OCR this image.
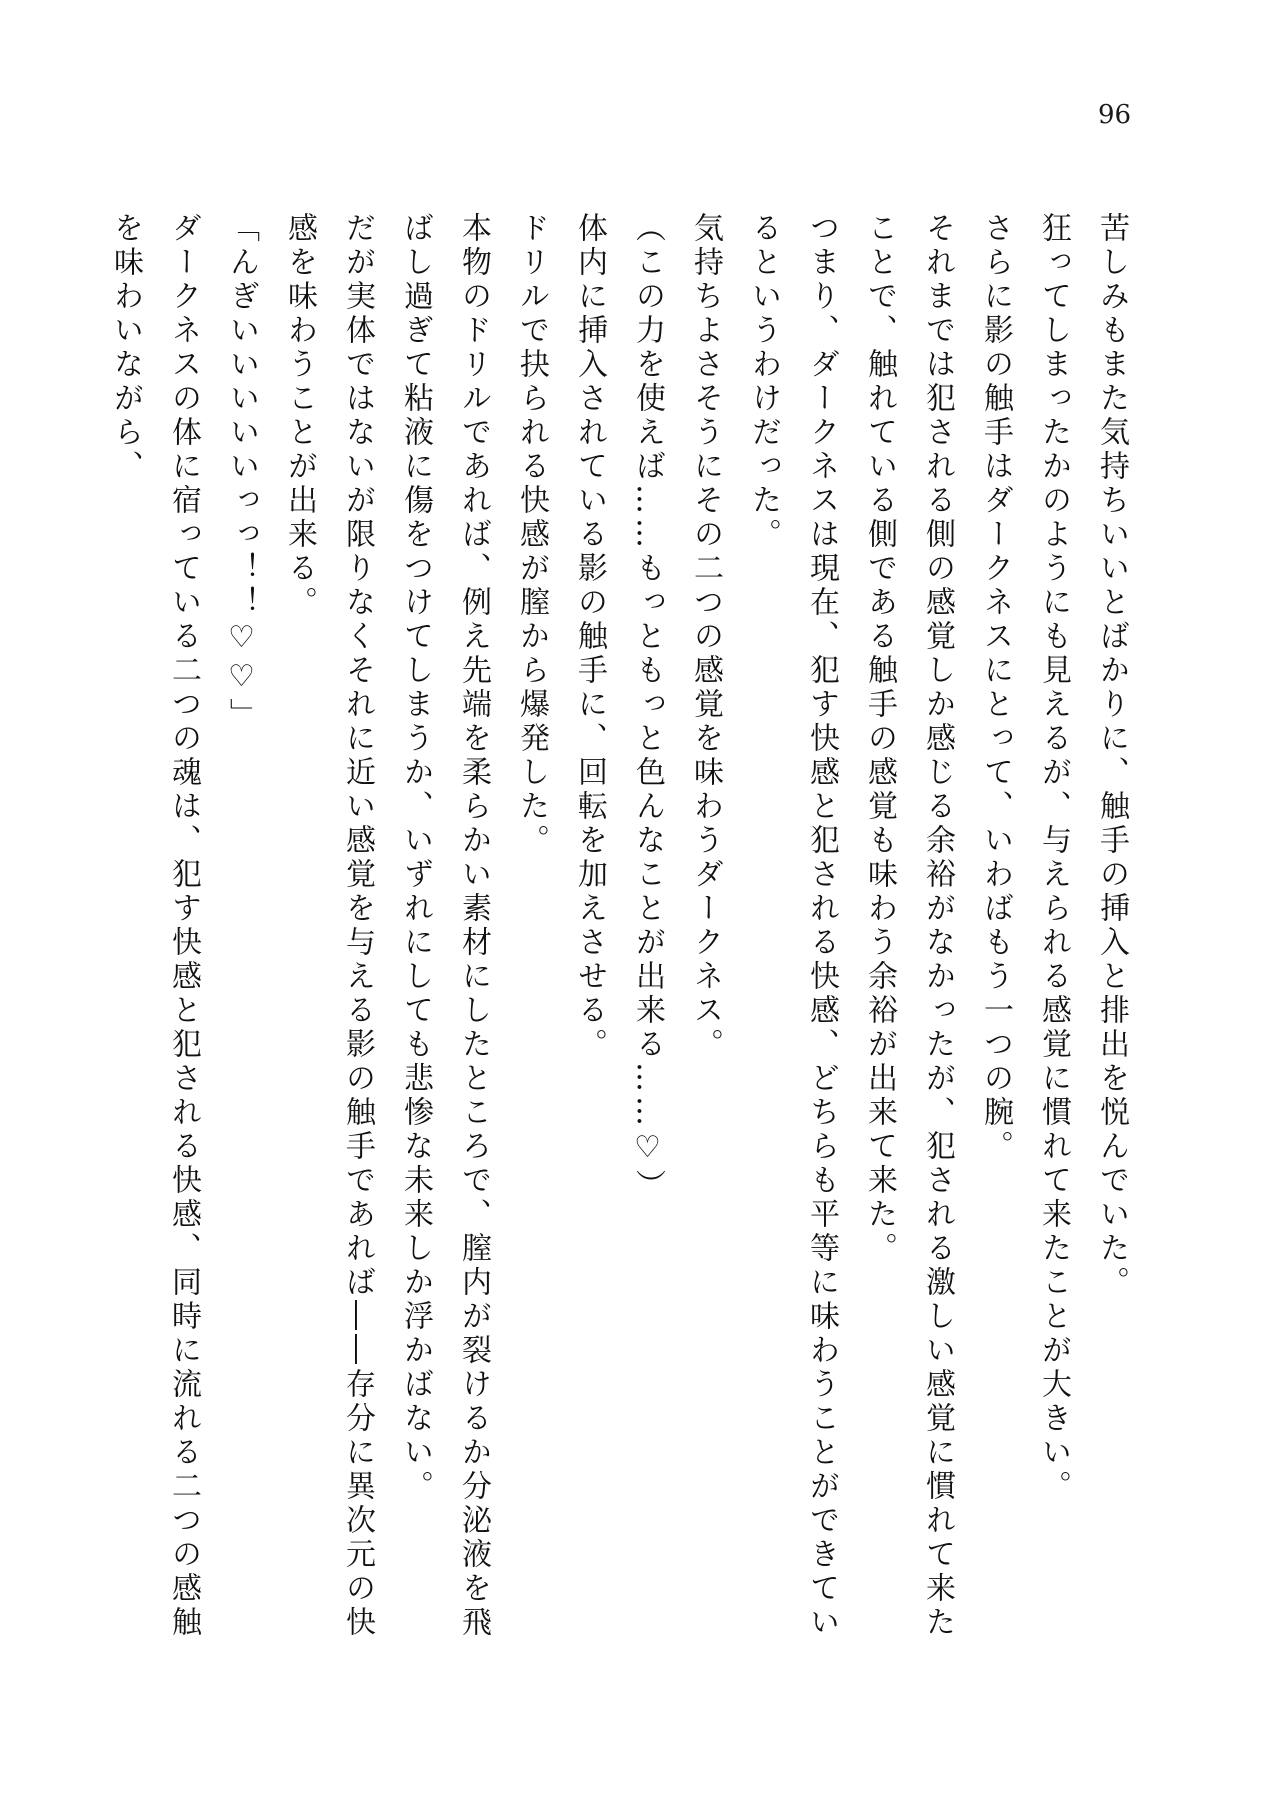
96

苦しみもまた気持ちいいとばかりに、触手の挿入と排出を悦んでいた。

狂ってしまったかのようにも見えるが、与えられる感覚に慣れて来たことが大きい。

さらに影の触手はダークネスにとって、いわばもう一つの腕。

それまでは犯される側の感覚しか感じる余裕がなかったが、犯される激しい感覚に慣れて来たことで、触れている側である触手の感覚も味わう余裕が出来て来た。

つまり、ダークネスは現在、犯す快感と犯される快感、どちらも平等に味わうことができているというわけだった。

気持ちよさそうにその二つの感覚を味わうダークネス。

（この力を使えば……もっともっと色んなことが出来る……♡）

体内に挿入されている影の触手に、回転を加えさせる。

ドリルで抉られる快感が膣から爆発した。

本物のドリルであれば、例え先端を柔らかい素材にしたところで、膣内が裂けるか分泌液を飛ばし過ぎて粘液に傷をつけてしまうか、いずれにしても悲惨な未来しか浮かばない。

だが実体ではないが限りなくそれに近い感覚を与える影の触手であれば――存分に異次元の快感を味わうことが出来る。

「んぎいいいいいっっ！！♡♡」

ダークネスの体に宿っている二つの魂は、犯す快感と犯される快感、同時に流れる二つの感触を味わいながら、
